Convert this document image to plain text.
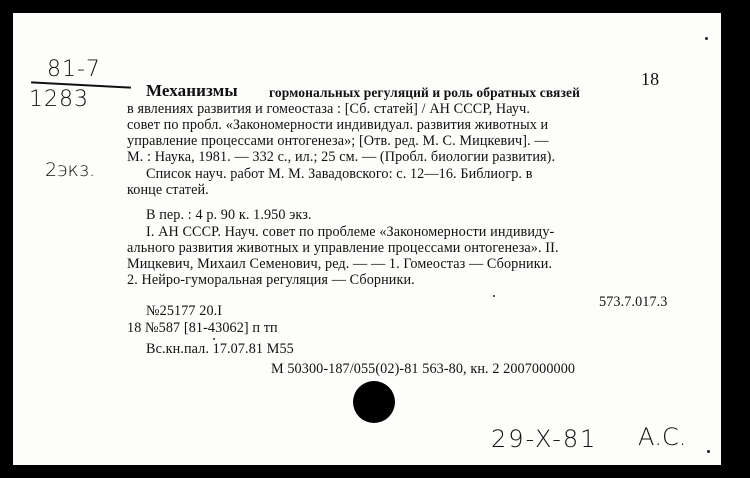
81-7
1283
2экз.
18
Механизмы гормональных регуляций и роль обратных связей
в явлениях развития и гомеостаза : [Сб. статей] / АН СССР, Науч.
совет по пробл. «Закономерности индивидуал. развития животных и
управление процессами онтогенеза»; [Отв. ред. М. С. Мицкевич]. —
М. : Наука, 1981. — 332 с., ил.; 25 см. — (Пробл. биологии развития).
Список науч. работ М. М. Завадовского: с. 12—16. Библиогр. в
конце статей.
В пер. : 4 р. 90 к. 1.950 экз.
I. АН СССР. Науч. совет по проблеме «Закономерности индивиду-
ального развития животных и управление процессами онтогенеза». II.
Мицкевич, Михаил Семенович, ред. — — 1. Гомеостаз — Сборники.
2. Нейро-гуморальная регуляция — Сборники.
573.7.017.3
№25177 20.I
18 №587 [81-43062] п тп
Вс.кн.пал. 17.07.81 M55
М 50300-187/055(02)-81 563-80, кн. 2 2007000000
29-X-81 А.С.
